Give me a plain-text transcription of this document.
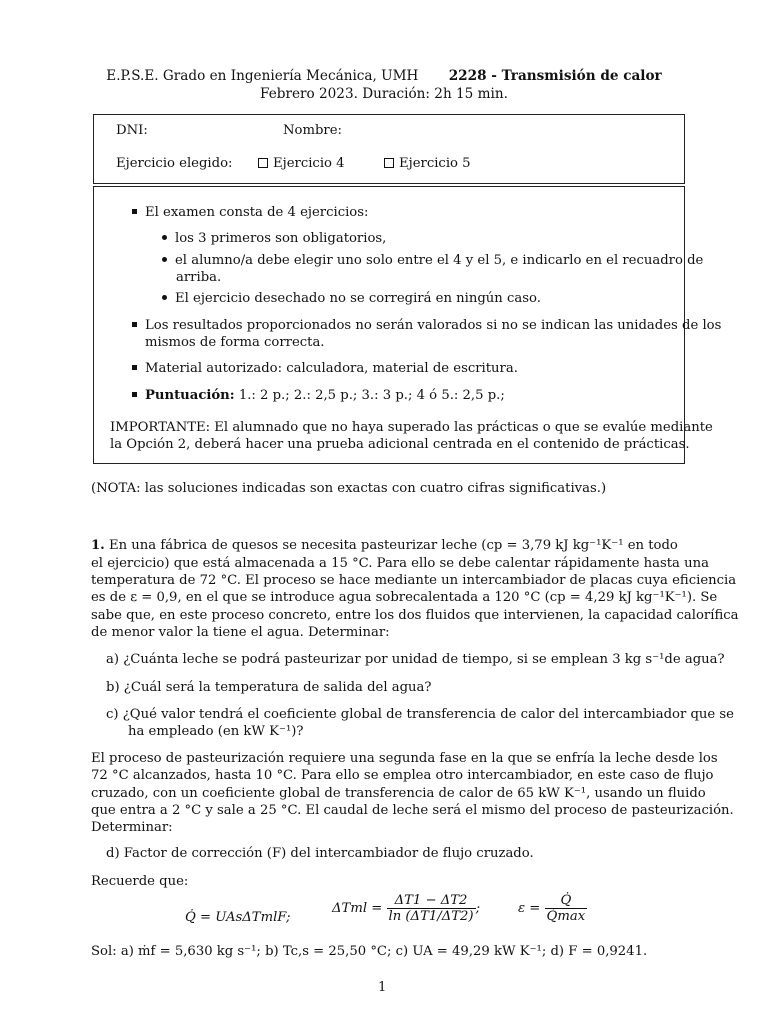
E.P.S.E. Grado en Ingeniería Mecánica, UMH 2228 - Transmisión de calor
Febrero 2023. Duración: 2h 15 min.
DNI:	Nombre:
Ejercicio elegido:	Ejercicio 4	Ejercicio 5
El examen consta de 4 ejercicios:
los 3 primeros son obligatorios,
el alumno/a debe elegir uno solo entre el 4 y el 5, e indicarlo en el recuadro de
arriba.
El ejercicio desechado no se corregirá en ningún caso.
Los resultados proporcionados no serán valorados si no se indican las unidades de los
mismos de forma correcta.
Material autorizado: calculadora, material de escritura.
Puntuación: 1.: 2 p.; 2.: 2,5 p.; 3.: 3 p.; 4 ó 5.: 2,5 p.;
IMPORTANTE: El alumnado que no haya superado las prácticas o que se evalúe mediante
la Opción 2, deberá hacer una prueba adicional centrada en el contenido de prácticas.
(NOTA: las soluciones indicadas son exactas con cuatro cifras significativas.)
1. En una fábrica de quesos se necesita pasteurizar leche (cp = 3,79 kJ kg⁻¹K⁻¹ en todo
el ejercicio) que está almacenada a 15 °C. Para ello se debe calentar rápidamente hasta una
temperatura de 72 °C. El proceso se hace mediante un intercambiador de placas cuya eficiencia
es de ε = 0,9, en el que se introduce agua sobrecalentada a 120 °C (cp = 4,29 kJ kg⁻¹K⁻¹). Se
sabe que, en este proceso concreto, entre los dos fluidos que intervienen, la capacidad calorífica
de menor valor la tiene el agua. Determinar:
a) ¿Cuánta leche se podrá pasteurizar por unidad de tiempo, si se emplean 3 kg s⁻¹de agua?
b) ¿Cuál será la temperatura de salida del agua?
c) ¿Qué valor tendrá el coeficiente global de transferencia de calor del intercambiador que se
ha empleado (en kW K⁻¹)?
El proceso de pasteurización requiere una segunda fase en la que se enfría la leche desde los
72 °C alcanzados, hasta 10 °C. Para ello se emplea otro intercambiador, en este caso de flujo
cruzado, con un coeficiente global de transferencia de calor de 65 kW K⁻¹, usando un fluido
que entra a 2 °C y sale a 25 °C. El caudal de leche será el mismo del proceso de pasteurización.
Determinar:
d) Factor de corrección (F) del intercambiador de flujo cruzado.
Recuerde que:
Q̇ = UAsΔTmlF;
$\Delta Tml = \frac{\Delta T1 - \Delta T2}{\ln (\Delta T1/\Delta T2)}$ ;	$\varepsilon = \frac{Q̇}{Q̇\max}$
Sol: a) ṁf = 5,630 kg s⁻¹; b) Tc,s = 25,50 °C; c) UA = 49,29 kW K⁻¹; d) F = 0,9241.
1
